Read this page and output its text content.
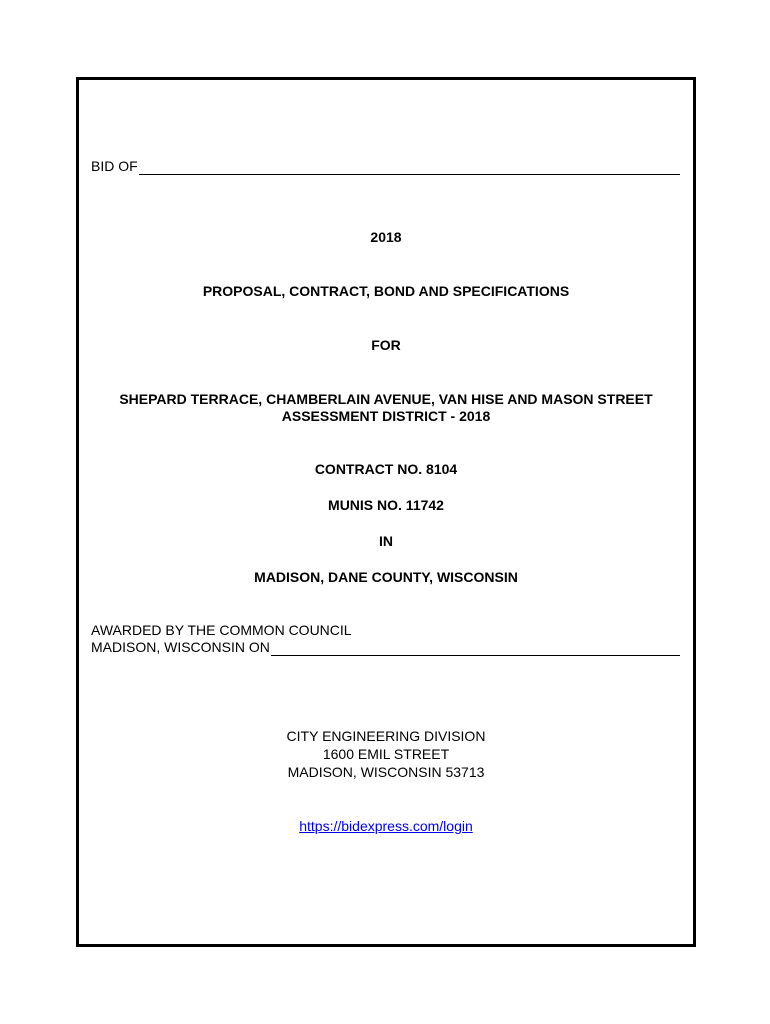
BID OF
2018
PROPOSAL, CONTRACT, BOND AND SPECIFICATIONS
FOR
SHEPARD TERRACE, CHAMBERLAIN AVENUE, VAN HISE AND MASON STREET
ASSESSMENT DISTRICT - 2018
CONTRACT NO. 8104
MUNIS NO. 11742
IN
MADISON, DANE COUNTY, WISCONSIN
AWARDED BY THE COMMON COUNCIL
MADISON, WISCONSIN ON
CITY ENGINEERING DIVISION
1600 EMIL STREET
MADISON, WISCONSIN 53713
https://bidexpress.com/login
